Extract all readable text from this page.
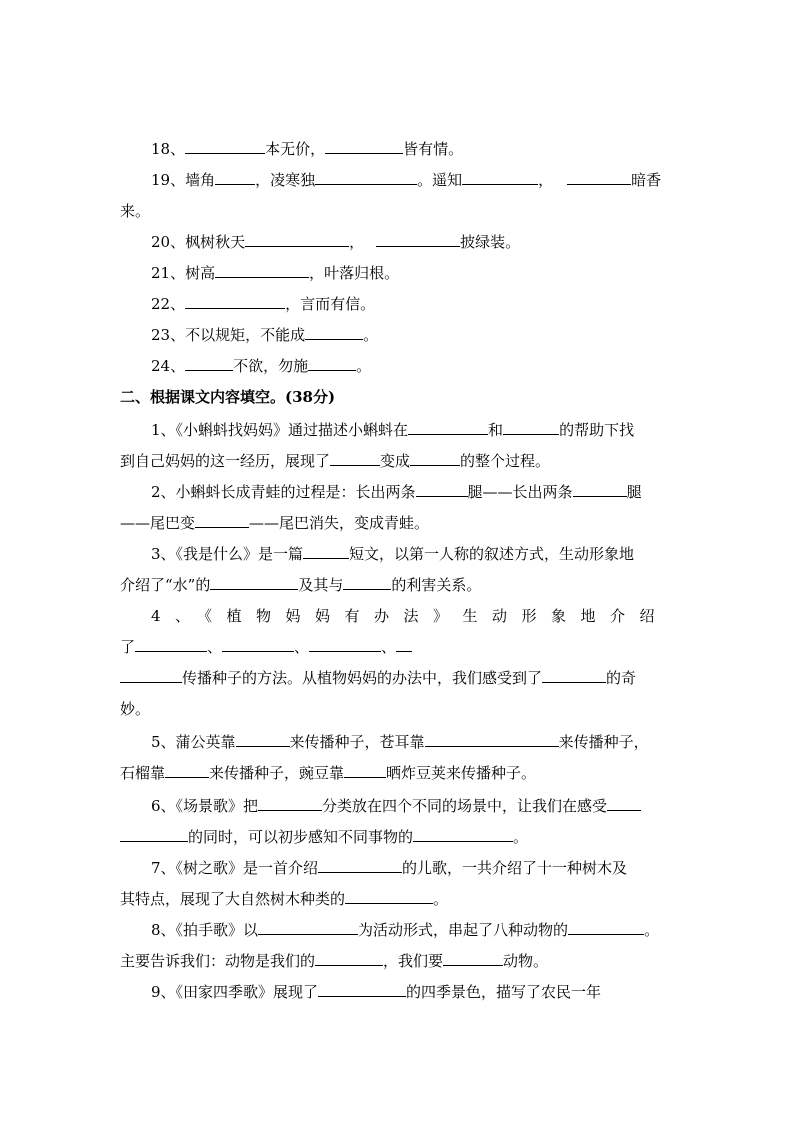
18、	本无价，	皆有情。
19、墙角	，凌寒独	。遥知	，	暗香
来。
20、枫树秋天	，	披绿装。
21、树高	，叶落归根。
22、	，言而有信。
23、不以规矩，不能成	。
24、	不欲，勿施	。
二、根据课文内容填空。(38分)
1、《小蝌蚪找妈妈》通过描述小蝌蚪在	和	的帮助下找
到自己妈妈的这一经历，展现了	变成	的整个过程。
2、小蝌蚪长成青蛙的过程是：长出两条	腿——长出两条	腿
——尾巴变	——尾巴消失，变成青蛙。
3、《我是什么》是一篇	短文，以第一人称的叙述方式，生动形象地
介绍了“水”的	及其与	的利害关系。
4、《植物妈妈有办法》生动形象地介绍
了	、	、	、
传播种子的方法。从植物妈妈的办法中，我们感受到了	的奇
妙。
5、蒲公英靠	来传播种子，苍耳靠	来传播种子，
石榴靠	来传播种子，豌豆靠	晒炸豆荚来传播种子。
6、《场景歌》把	分类放在四个不同的场景中，让我们在感受
的同时，可以初步感知不同事物的	。
7、《树之歌》是一首介绍	的儿歌，一共介绍了十一种树木及
其特点，展现了大自然树木种类的	。
8、《拍手歌》以	为活动形式，串起了八种动物的	。
主要告诉我们：动物是我们的	，我们要	动物。
9、《田家四季歌》展现了	的四季景色，描写了农民一年
